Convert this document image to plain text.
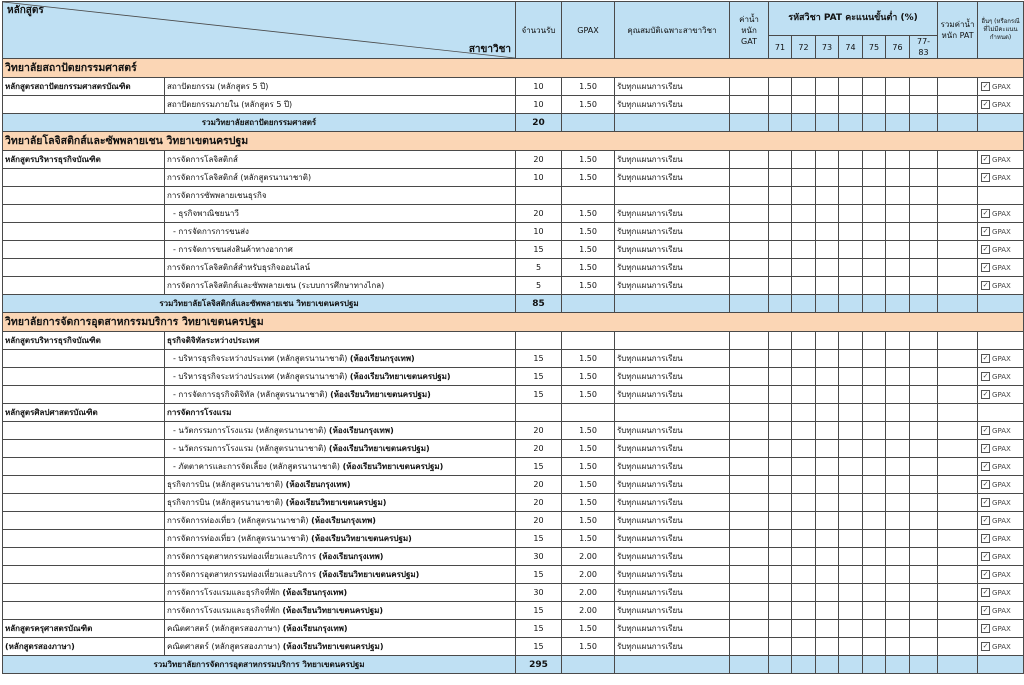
หลักสูตร
สาขาวิชา		จำนวนรับ	GPAX	คุณสมบัติเฉพาะสาขาวิชา	ค่าน้ำหนัก GAT	รหัสวิชา PAT คะแนนขั้นต่ำ (%)							รวมค่าน้ำหนัก PAT	อื่นๆ (หรือกรณีที่ไม่มีคะแนนกำหนด)
						71	72	73	74	75	76	77-83		
วิทยาลัยสถาปัตยกรรมศาสตร์														
หลักสูตรสถาปัตยกรรมศาสตรบัณฑิต	สถาปัตยกรรม (หลักสูตร 5 ปี)	10	1.50	รับทุกแผนการเรียน										✓ GPAX
	สถาปัตยกรรมภายใน (หลักสูตร 5 ปี)	10	1.50	รับทุกแผนการเรียน										✓ GPAX
รวมวิทยาลัยสถาปัตยกรรมศาสตร์		20												
วิทยาลัยโลจิสติกส์และซัพพลายเชน วิทยาเขตนครปฐม														
หลักสูตรบริหารธุรกิจบัณฑิต	การจัดการโลจิสติกส์	20	1.50	รับทุกแผนการเรียน										✓ GPAX
	การจัดการโลจิสติกส์ (หลักสูตรนานาชาติ)	10	1.50	รับทุกแผนการเรียน										✓ GPAX
	การจัดการซัพพลายเชนธุรกิจ													
	- ธุรกิจพาณิชยนาวี	20	1.50	รับทุกแผนการเรียน										✓ GPAX
	- การจัดการการขนส่ง	10	1.50	รับทุกแผนการเรียน										✓ GPAX
	- การจัดการขนส่งสินค้าทางอากาศ	15	1.50	รับทุกแผนการเรียน										✓ GPAX
	การจัดการโลจิสติกส์สำหรับธุรกิจออนไลน์	5	1.50	รับทุกแผนการเรียน										✓ GPAX
	การจัดการโลจิสติกส์และซัพพลายเชน (ระบบการศึกษาทางไกล)	5	1.50	รับทุกแผนการเรียน										✓ GPAX
รวมวิทยาลัยโลจิสติกส์และซัพพลายเชน วิทยาเขตนครปฐม		85												
วิทยาลัยการจัดการอุตสาหกรรมบริการ วิทยาเขตนครปฐม														
หลักสูตรบริหารธุรกิจบัณฑิต	ธุรกิจดิจิทัลระหว่างประเทศ													
	- บริหารธุรกิจระหว่างประเทศ (หลักสูตรนานาชาติ) (ห้องเรียนกรุงเทพ)	15	1.50	รับทุกแผนการเรียน										✓ GPAX
	- บริหารธุรกิจระหว่างประเทศ (หลักสูตรนานาชาติ) (ห้องเรียนวิทยาเขตนครปฐม)	15	1.50	รับทุกแผนการเรียน										✓ GPAX
	- การจัดการธุรกิจดิจิทัล (หลักสูตรนานาชาติ) (ห้องเรียนวิทยาเขตนครปฐม)	15	1.50	รับทุกแผนการเรียน										✓ GPAX
หลักสูตรศิลปศาสตรบัณฑิต	การจัดการโรงแรม													
	- นวัตกรรมการโรงแรม (หลักสูตรนานาชาติ) (ห้องเรียนกรุงเทพ)	20	1.50	รับทุกแผนการเรียน										✓ GPAX
	- นวัตกรรมการโรงแรม (หลักสูตรนานาชาติ) (ห้องเรียนวิทยาเขตนครปฐม)	20	1.50	รับทุกแผนการเรียน										✓ GPAX
	- ภัตตาคารและการจัดเลี้ยง (หลักสูตรนานาชาติ) (ห้องเรียนวิทยาเขตนครปฐม)	15	1.50	รับทุกแผนการเรียน										✓ GPAX
	ธุรกิจการบิน (หลักสูตรนานาชาติ) (ห้องเรียนกรุงเทพ)	20	1.50	รับทุกแผนการเรียน										✓ GPAX
	ธุรกิจการบิน (หลักสูตรนานาชาติ) (ห้องเรียนวิทยาเขตนครปฐม)	20	1.50	รับทุกแผนการเรียน										✓ GPAX
	การจัดการท่องเที่ยว (หลักสูตรนานาชาติ) (ห้องเรียนกรุงเทพ)	20	1.50	รับทุกแผนการเรียน										✓ GPAX
	การจัดการท่องเที่ยว (หลักสูตรนานาชาติ) (ห้องเรียนวิทยาเขตนครปฐม)	15	1.50	รับทุกแผนการเรียน										✓ GPAX
	การจัดการอุตสาหกรรมท่องเที่ยวและบริการ (ห้องเรียนกรุงเทพ)	30	2.00	รับทุกแผนการเรียน										✓ GPAX
	การจัดการอุตสาหกรรมท่องเที่ยวและบริการ (ห้องเรียนวิทยาเขตนครปฐม)	15	2.00	รับทุกแผนการเรียน										✓ GPAX
	การจัดการโรงแรมและธุรกิจที่พัก (ห้องเรียนกรุงเทพ)	30	2.00	รับทุกแผนการเรียน										✓ GPAX
	การจัดการโรงแรมและธุรกิจที่พัก (ห้องเรียนวิทยาเขตนครปฐม)	15	2.00	รับทุกแผนการเรียน										✓ GPAX
หลักสูตรครุศาสตรบัณฑิต	คณิตศาสตร์ (หลักสูตรสองภาษา) (ห้องเรียนกรุงเทพ)	15	1.50	รับทุกแผนการเรียน										✓ GPAX
(หลักสูตรสองภาษา)	คณิตศาสตร์ (หลักสูตรสองภาษา) (ห้องเรียนวิทยาเขตนครปฐม)	15	1.50	รับทุกแผนการเรียน										✓ GPAX
รวมวิทยาลัยการจัดการอุตสาหกรรมบริการ วิทยาเขตนครปฐม		295												
